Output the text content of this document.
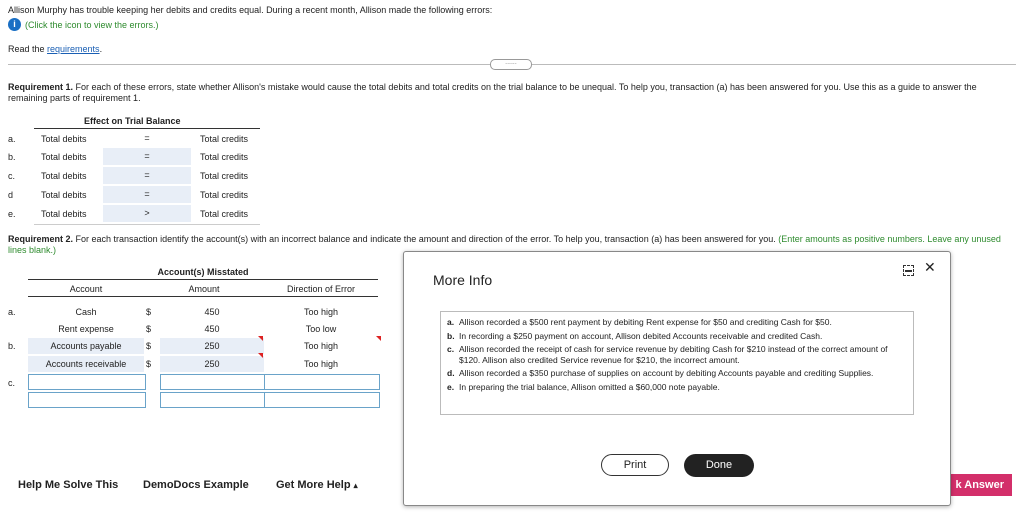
Allison Murphy has trouble keeping her debits and credits equal. During a recent month, Allison made the following errors:
i	(Click the icon to view the errors.)
Read the requirements.
......
Requirement 1. For each of these errors, state whether Allison's mistake would cause the total debits and total credits on the trial balance to be unequal. To help you, transaction (a) has been answered for you. Use this as a guide to answer the remaining parts of requirement 1.
Effect on Trial Balance
a.	Total debits	=	Total credits
b.	Total debits	=	Total credits
c.	Total debits	=	Total credits
d	Total debits	=	Total credits
e.	Total debits	>	Total credits
Requirement 2. For each transaction identify the account(s) with an incorrect balance and indicate the amount and direction of the error. To help you, transaction (a) has been answered for you. (Enter amounts as positive numbers. Leave any unused lines blank.)
Account(s) Misstated
Account	Amount	Direction of Error
a.	Cash	$	450	Too high
Rent expense	$	450	Too low
b.	Accounts payable	$	250	Too high
Accounts receivable	$	250	Too high
c.
Help Me Solve This DemoDocs Example Get More Help ▴	k Answer
More Info
✕
a. Allison recorded a $500 rent payment by debiting Rent expense for $50 and crediting Cash for $50.
b. In recording a $250 payment on account, Allison debited Accounts receivable and credited Cash.
c. Allison recorded the receipt of cash for service revenue by debiting Cash for $210 instead of the correct amount of $120. Allison also credited Service revenue for $210, the incorrect amount.
d. Allison recorded a $350 purchase of supplies on account by debiting Accounts payable and crediting Supplies.
e. In preparing the trial balance, Allison omitted a $60,000 note payable.
Print	Done
